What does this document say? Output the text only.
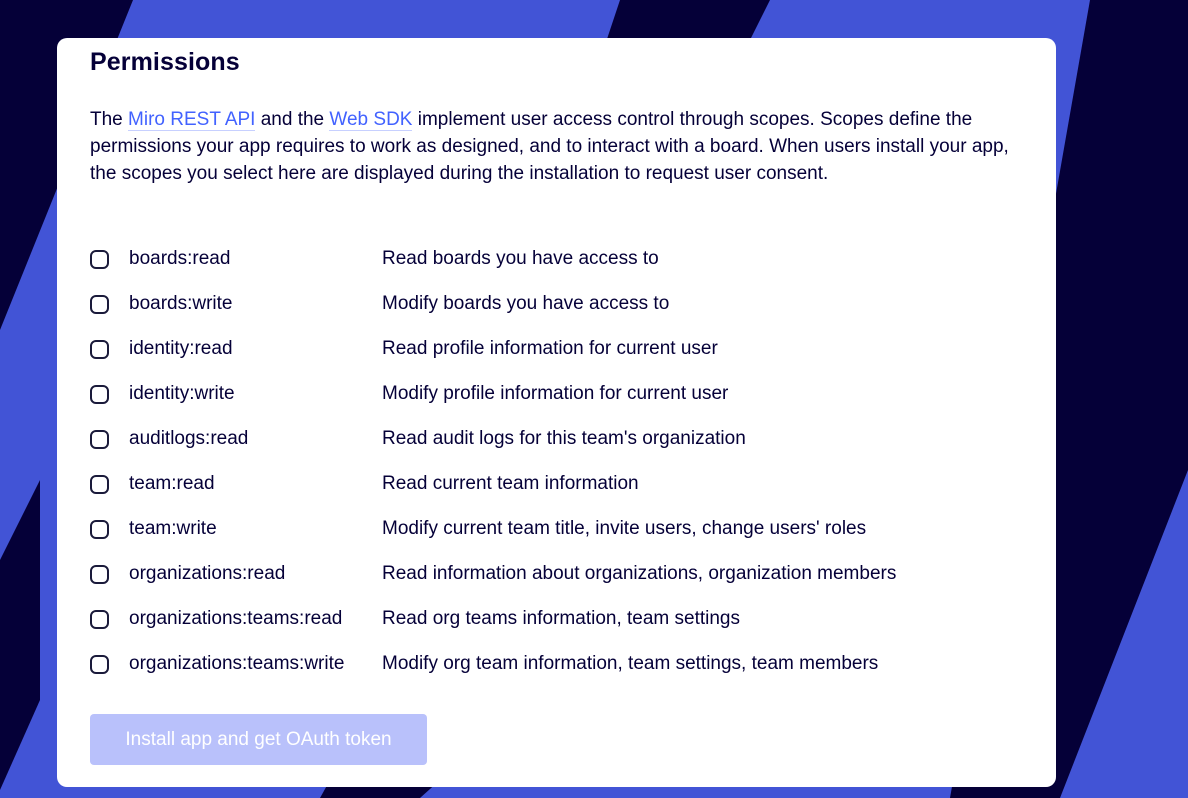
Permissions

The Miro REST API and the Web SDK implement user access control through scopes. Scopes define the permissions your app requires to work as designed, and to interact with a board. When users install your app, the scopes you select here are displayed during the installation to request user consent.

boards:read	Read boards you have access to
boards:write	Modify boards you have access to
identity:read	Read profile information for current user
identity:write	Modify profile information for current user
auditlogs:read	Read audit logs for this team's organization
team:read	Read current team information
team:write	Modify current team title, invite users, change users' roles
organizations:read	Read information about organizations, organization members
organizations:teams:read Read org teams information, team settings
organizations:teams:write Modify org team information, team settings, team members
Install app and get OAuth token
